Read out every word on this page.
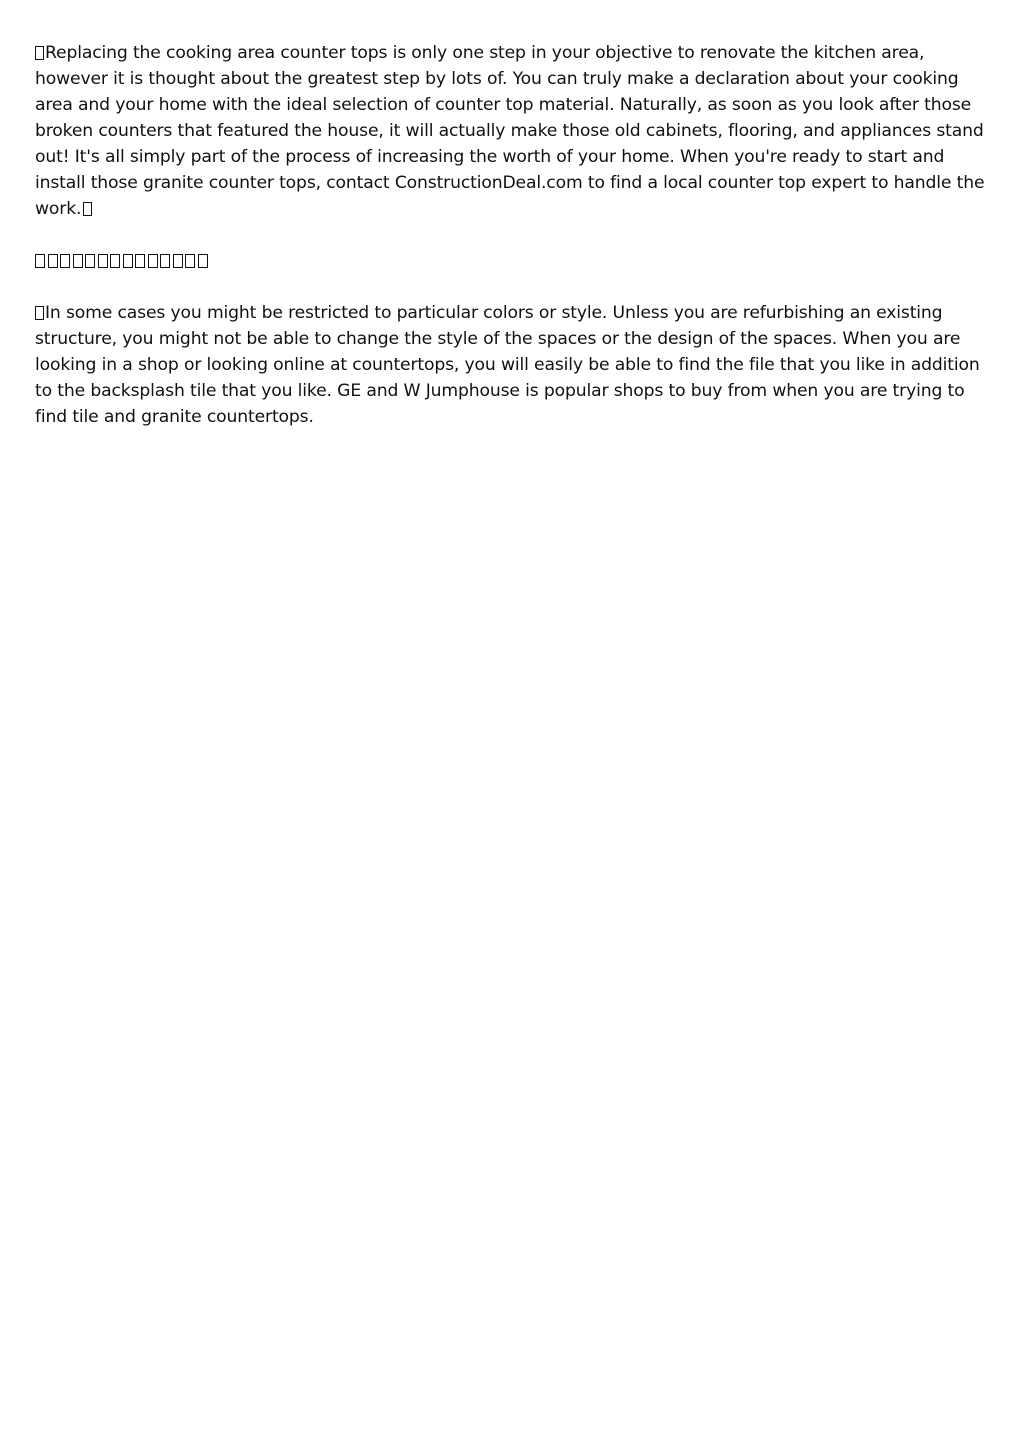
Replacing the cooking area counter tops is only one step in your objective to renovate the kitchen area, however it is thought about the greatest step by lots of. You can truly make a declaration about your cooking area and your home with the ideal selection of counter top material. Naturally, as soon as you look after those broken counters that featured the house, it will actually make those old cabinets, flooring, and appliances stand out! It's all simply part of the process of increasing the worth of your home. When you're ready to start and install those granite counter tops, contact ConstructionDeal.com to find a local counter top expert to handle the work.

In some cases you might be restricted to particular colors or style. Unless you are refurbishing an existing structure, you might not be able to change the style of the spaces or the design of the spaces. When you are looking in a shop or looking online at countertops, you will easily be able to find the file that you like in addition to the backsplash tile that you like. GE and W Jumphouse is popular shops to buy from when you are trying to find tile and granite countertops.
